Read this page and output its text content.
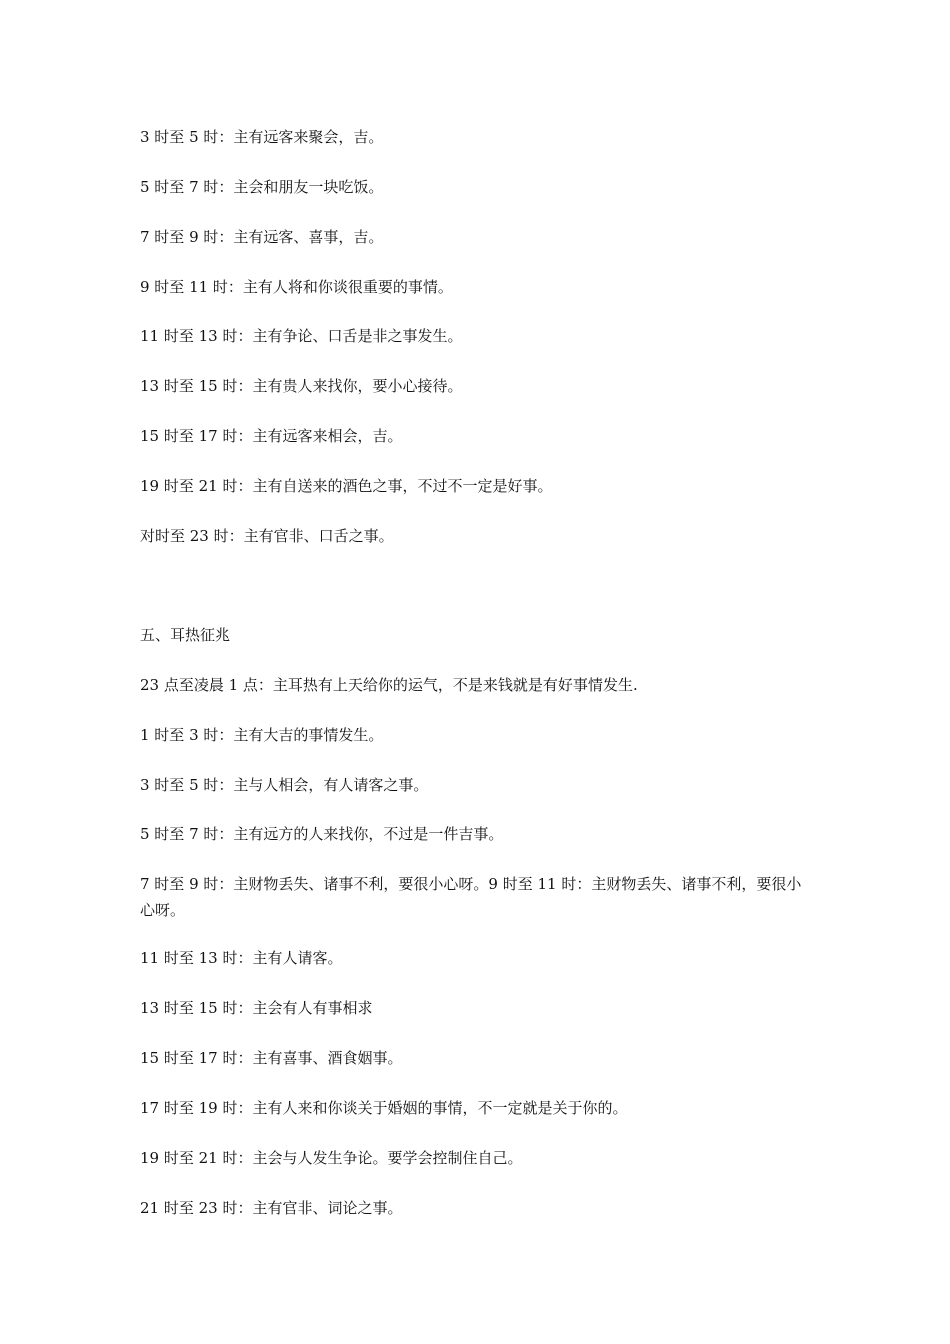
3 时至 5 时：主有远客来聚会，吉。
5 时至 7 时：主会和朋友一块吃饭。
7 时至 9 时：主有远客、喜事，吉。
9 时至 11 时：主有人将和你谈很重要的事情。
11 时至 13 时：主有争论、口舌是非之事发生。
13 时至 15 时：主有贵人来找你，要小心接待。
15 时至 17 时：主有远客来相会，吉。
19 时至 21 时：主有自送来的酒色之事，不过不一定是好事。
对时至 23 时：主有官非、口舌之事。
五、耳热征兆
23 点至凌晨 1 点：主耳热有上天给你的运气，不是来钱就是有好事情发生.
1 时至 3 时：主有大吉的事情发生。
3 时至 5 时：主与人相会，有人请客之事。
5 时至 7 时：主有远方的人来找你，不过是一件吉事。
7 时至 9 时：主财物丢失、诸事不利，要很小心呀。9 时至 11 时：主财物丢失、诸事不利，要很小心呀。
11 时至 13 时：主有人请客。
13 时至 15 时：主会有人有事相求
15 时至 17 时：主有喜事、酒食姻事。
17 时至 19 时：主有人来和你谈关于婚姻的事情，不一定就是关于你的。
19 时至 21 时：主会与人发生争论。要学会控制住自己。
21 时至 23 时：主有官非、词论之事。
